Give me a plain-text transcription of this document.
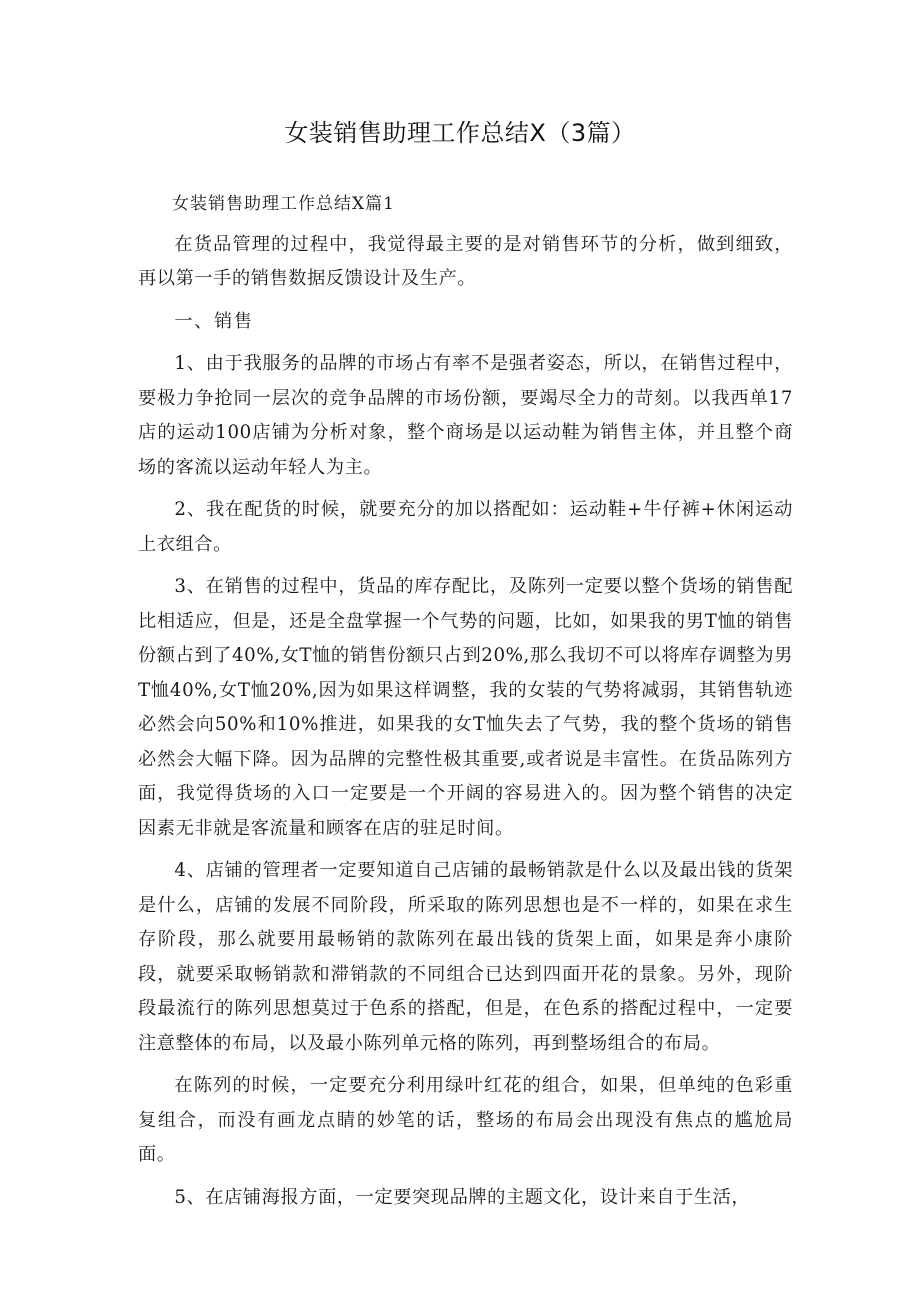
女装销售助理工作总结X（3篇）

女装销售助理工作总结X篇1

在货品管理的过程中，我觉得最主要的是对销售环节的分析，做到细致，再以第一手的销售数据反馈设计及生产。

一、销售

1、由于我服务的品牌的市场占有率不是强者姿态，所以，在销售过程中，要极力争抢同一层次的竞争品牌的市场份额，要竭尽全力的苛刻。以我西单17店的运动100店铺为分析对象，整个商场是以运动鞋为销售主体，并且整个商场的客流以运动年轻人为主。

2、我在配货的时候，就要充分的加以搭配如：运动鞋+牛仔裤+休闲运动上衣组合。

3、在销售的过程中，货品的库存配比，及陈列一定要以整个货场的销售配比相适应，但是，还是全盘掌握一个气势的问题，比如，如果我的男T恤的销售份额占到了40%,女T恤的销售份额只占到20%,那么我切不可以将库存调整为男T恤40%,女T恤20%,因为如果这样调整，我的女装的气势将减弱，其销售轨迹必然会向50%和10%推进，如果我的女T恤失去了气势，我的整个货场的销售必然会大幅下降。因为品牌的完整性极其重要,或者说是丰富性。在货品陈列方面，我觉得货场的入口一定要是一个开阔的容易进入的。因为整个销售的决定因素无非就是客流量和顾客在店的驻足时间。

4、店铺的管理者一定要知道自己店铺的最畅销款是什么以及最出钱的货架是什么，店铺的发展不同阶段，所采取的陈列思想也是不一样的，如果在求生存阶段，那么就要用最畅销的款陈列在最出钱的货架上面，如果是奔小康阶段，就要采取畅销款和滞销款的不同组合已达到四面开花的景象。另外，现阶段最流行的陈列思想莫过于色系的搭配，但是，在色系的搭配过程中，一定要注意整体的布局，以及最小陈列单元格的陈列，再到整场组合的布局。

在陈列的时候，一定要充分利用绿叶红花的组合，如果，但单纯的色彩重复组合，而没有画龙点睛的妙笔的话，整场的布局会出现没有焦点的尴尬局面。

5、在店铺海报方面，一定要突现品牌的主题文化，设计来自于生活，
